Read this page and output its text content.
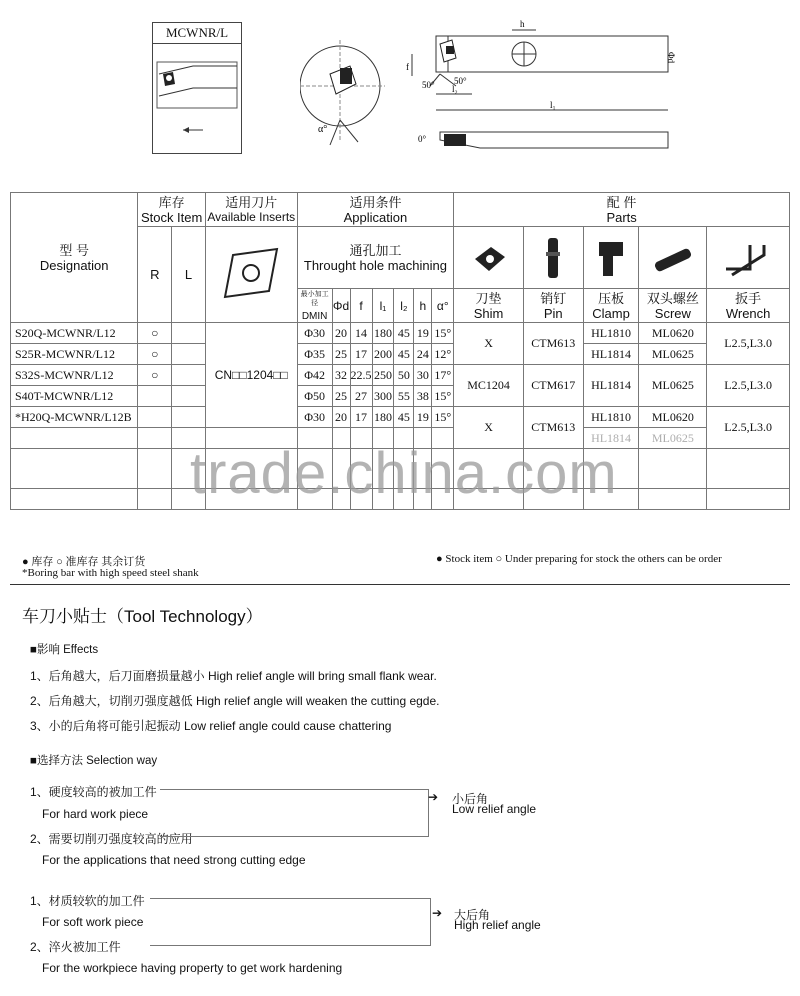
MCWNR/L
α°
h
Φd
f
50° 50°
l₂
l₁
0°
型 号
Designation	库存
Stock Item		适用刀片
Available Inserts	适用条件
Application							配 件
Parts				

	R	L		通孔加工
Throught hole machining

				最小加工径
DMIN	Φd	f	l₁	l₂	h	α°	刀垫
Shim	销钉
Pin	压板
Clamp	双头螺丝
Screw	扳手
Wrench

S20Q-MCWNR/L12	○		CN□□1204□□	Φ30	20	14	180	45	19	15°	X	CTM613	HL1810	ML0620	L2.5,L3.0
S25R-MCWNR/L12	○			Φ35	25	17	200	45	24	12°			HL1814	ML0625	
S32S-MCWNR/L12	○			Φ42	32	22.5	250	50	30	17°	MC1204	CTM617	HL1814	ML0625	L2.5,L3.0
S40T-MCWNR/L12				Φ50	25	27	300	55	38	15°					
*H20Q-MCWNR/L12B				Φ30	20	17	180	45	19	15°	X	CTM613	HL1810	ML0620	L2.5,L3.0
													HL1814	ML0625	

trade.china.com
● 库存 ○ 准库存 其余订货
*Boring bar with high speed steel shank
● Stock item ○ Under preparing for stock the others can be order
车刀小贴士（Tool Technology）
■影响 Effects
1、后角越大，后刀面磨损量越小 High relief angle will bring small flank wear.
2、后角越大，切削刃强度越低 High relief angle will weaken the cutting egde.
3、小的后角将可能引起振动 Low relief angle could cause chattering
■选择方法 Selection way
1、硬度较高的被加工件
For hard work piece
2、需要切削刃强度较高的应用
For the applications that need strong cutting edge
➔ 小后角
Low relief angle
1、材质较软的加工件
For soft work piece
2、淬火被加工件
For the workpiece having property to get work hardening
➔ 大后角
High relief angle
